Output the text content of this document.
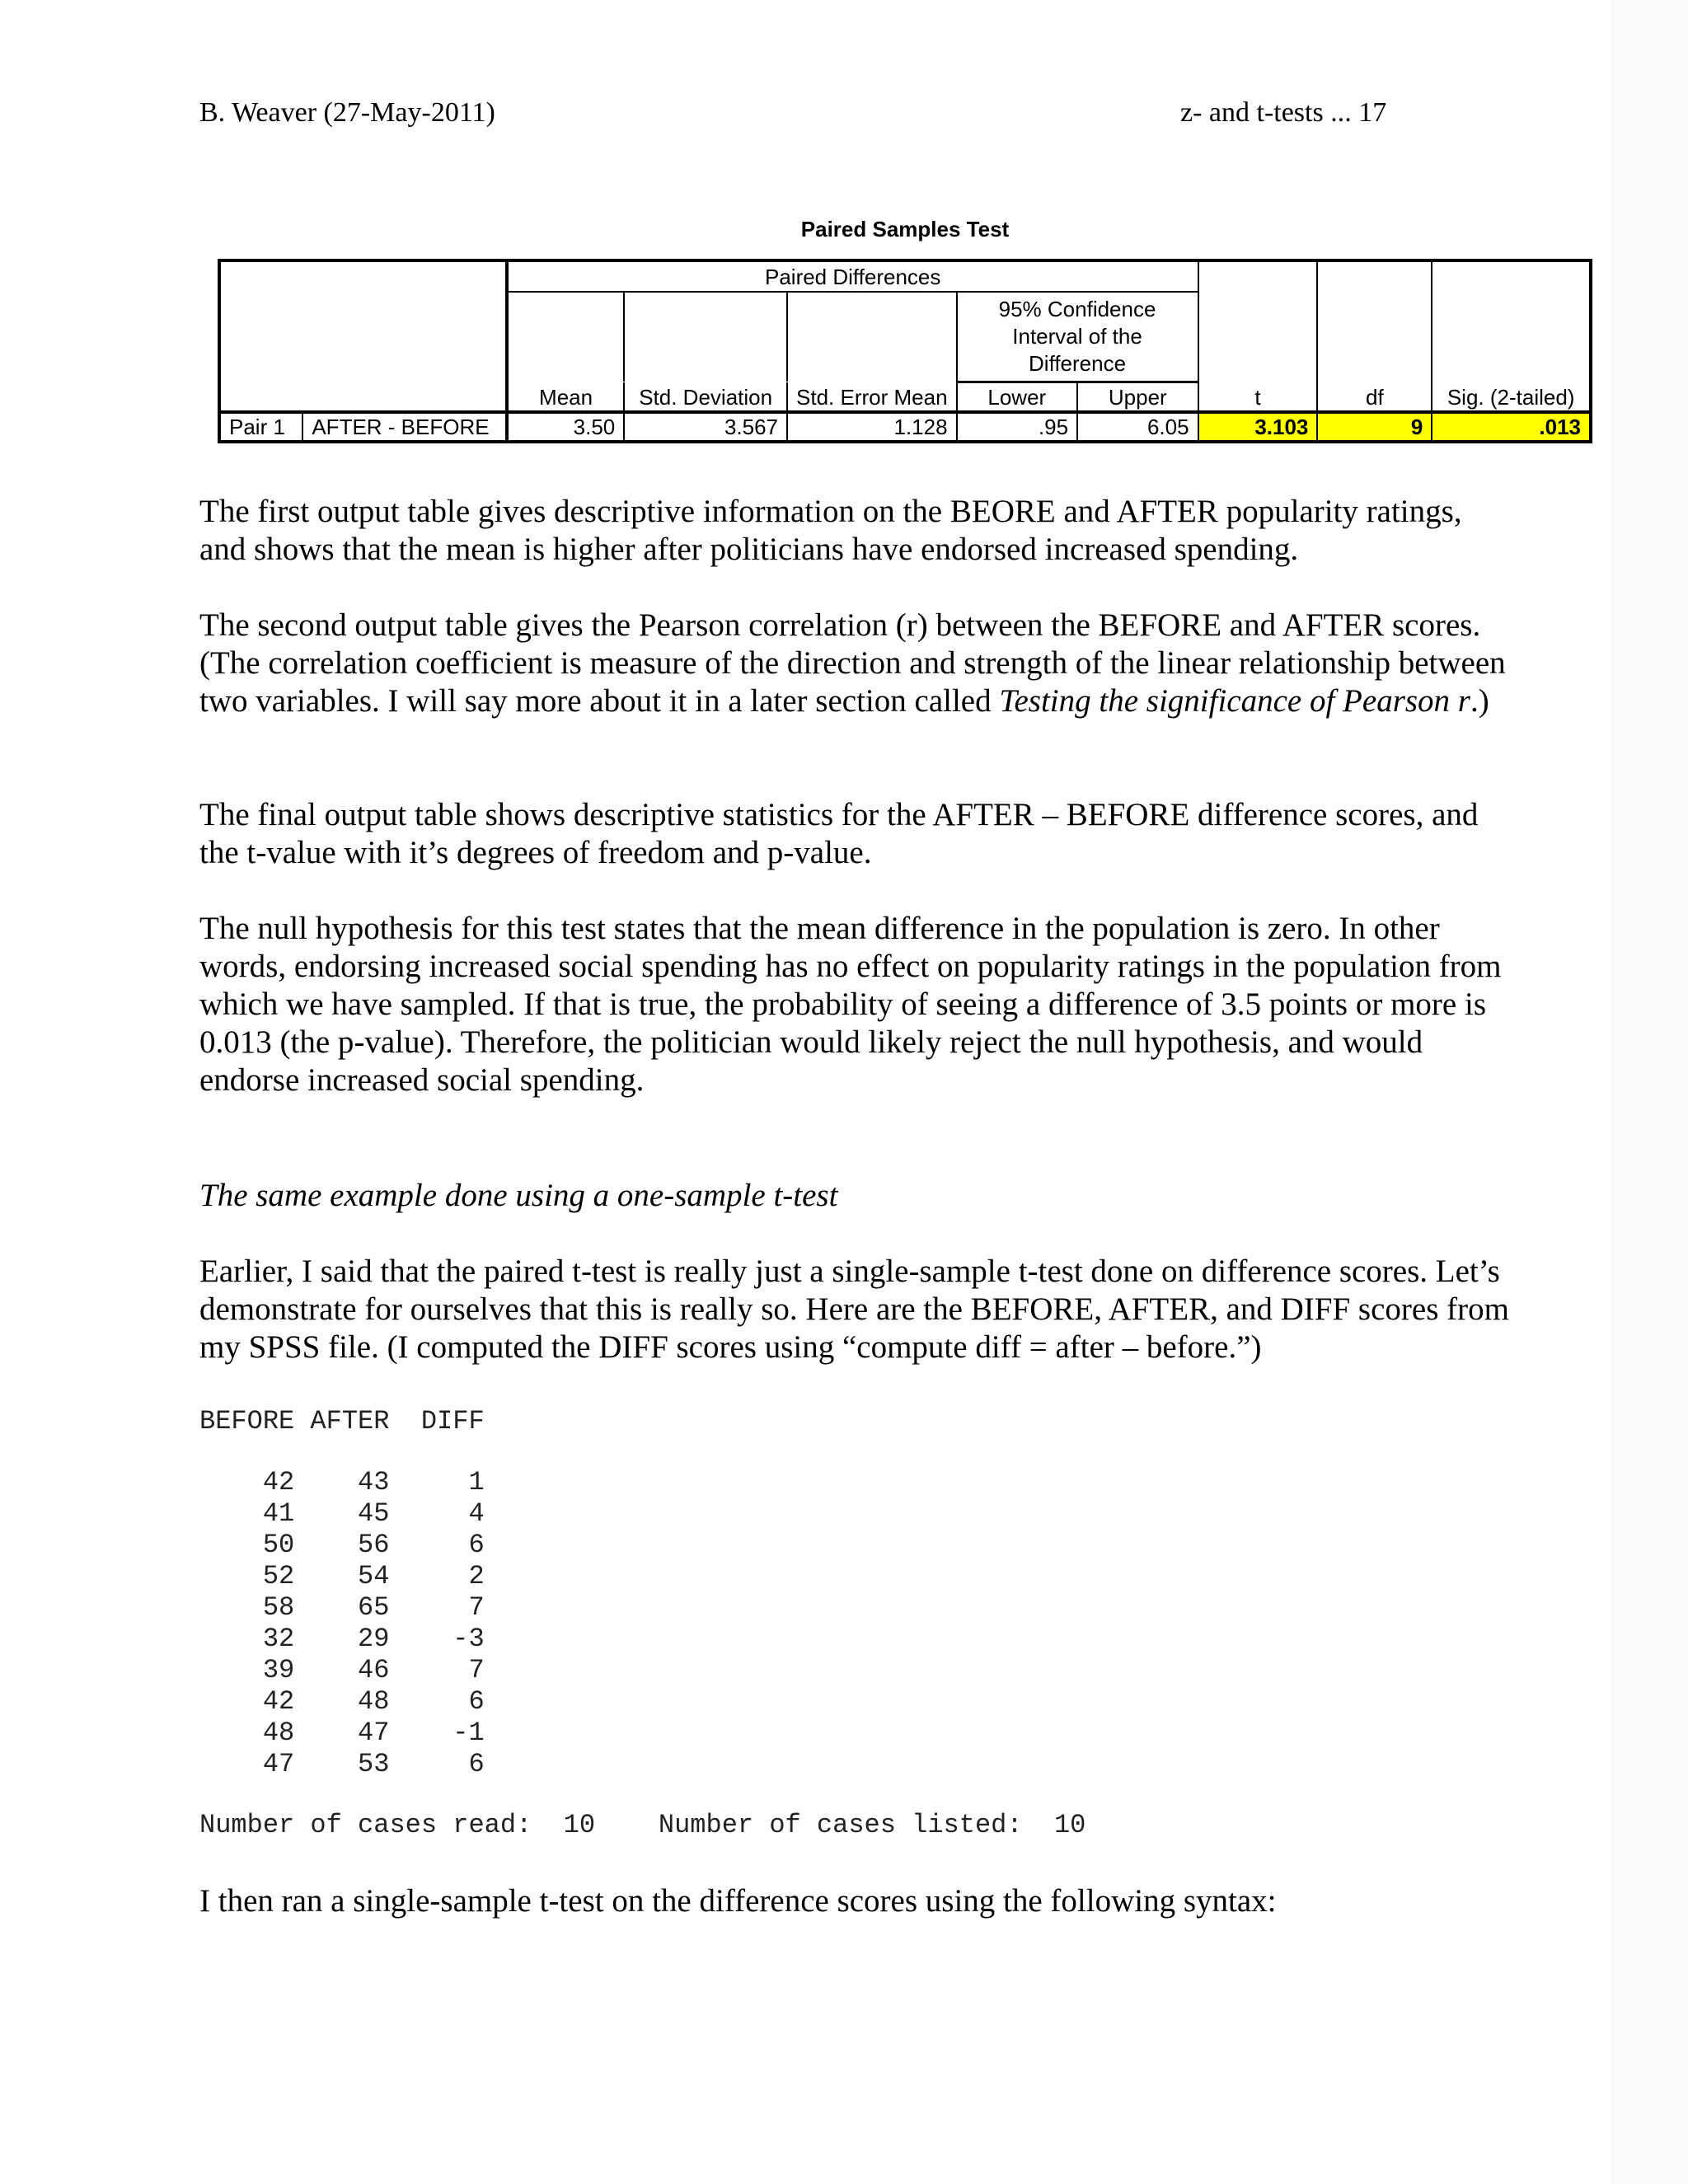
B. Weaver (27-May-2011)	z- and t-tests ... 17
Paired Samples Test
		Paired Differences							
					95% Confidence Interval of the Difference				

		Mean	Std. Deviation	Std. Error Mean	Lower	Upper	t	df	Sig. (2-tailed)
Pair 1	AFTER - BEFORE	3.50	3.567	1.128	.95	6.05	3.103	9	.013

The first output table gives descriptive information on the BEORE and AFTER popularity ratings, and shows that the mean is higher after politicians have endorsed increased spending.

The second output table gives the Pearson correlation (r) between the BEFORE and AFTER scores. (The correlation coefficient is measure of the direction and strength of the linear relationship between two variables. I will say more about it in a later section called Testing the significance of Pearson r.)

The final output table shows descriptive statistics for the AFTER – BEFORE difference scores, and the t-value with it’s degrees of freedom and p-value.

The null hypothesis for this test states that the mean difference in the population is zero. In other words, endorsing increased social spending has no effect on popularity ratings in the population from which we have sampled. If that is true, the probability of seeing a difference of 3.5 points or more is 0.013 (the p-value). Therefore, the politician would likely reject the null hypothesis, and would endorse increased social spending.

The same example done using a one-sample t-test

Earlier, I said that the paired t-test is really just a single-sample t-test done on difference scores. Let’s demonstrate for ourselves that this is really so. Here are the BEFORE, AFTER, and DIFF scores from my SPSS file. (I computed the DIFF scores using “compute diff = after – before.”)

BEFORE AFTER  DIFF
42    43     1
41    45     4
50    56     6
52    54     2
58    65     7
32    29    -3
39    46     7
42    48     6
48    47    -1
47    53     6
Number of cases read:  10    Number of cases listed:  10

I then ran a single-sample t-test on the difference scores using the following syntax:
